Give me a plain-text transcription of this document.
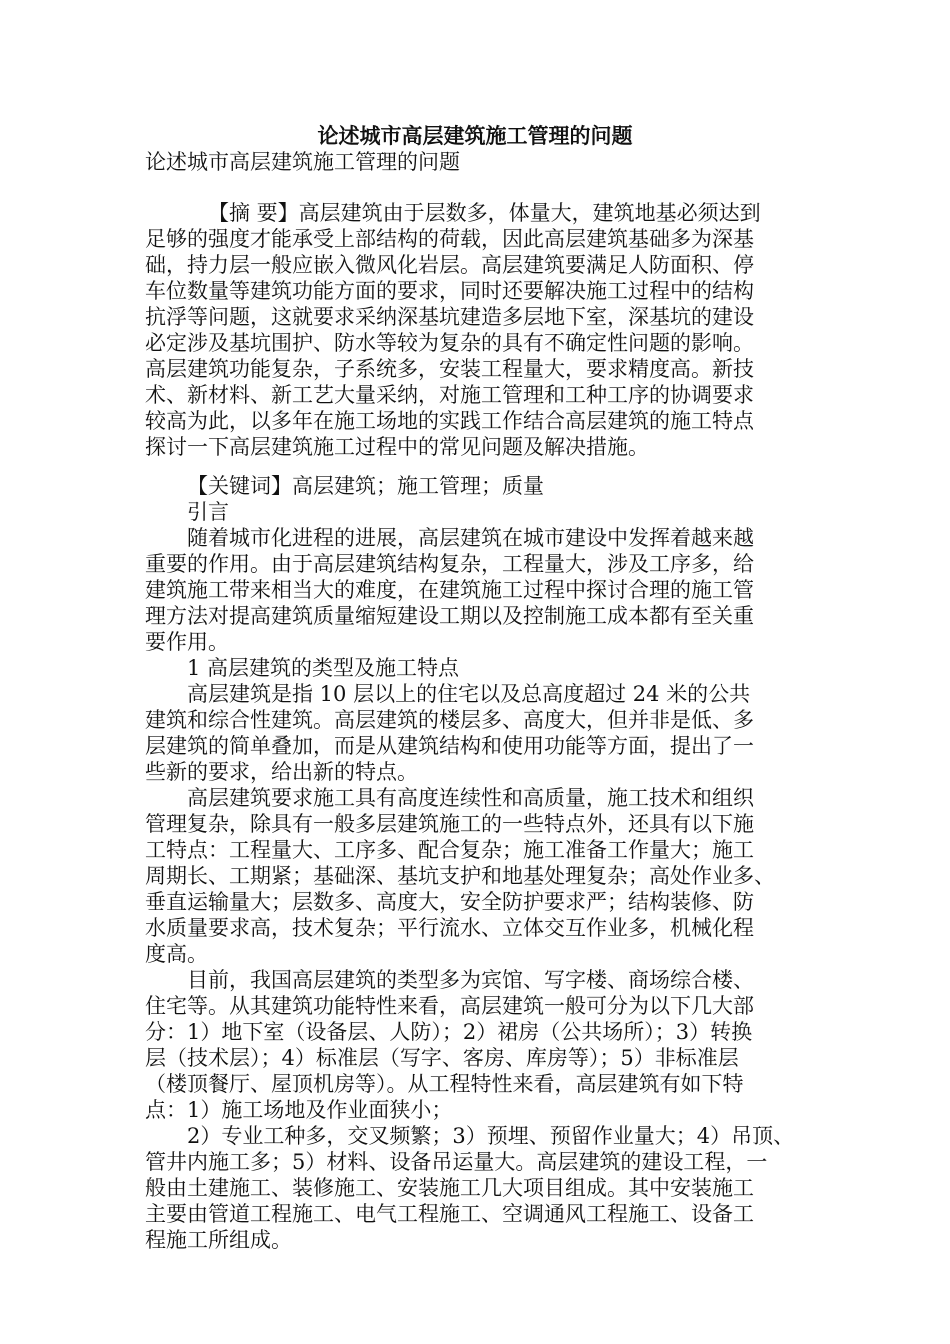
论述城市高层建筑施工管理的问题

论述城市高层建筑施工管理的问题

【摘 要】高层建筑由于层数多，体量大，建筑地基必须达到

足够的强度才能承受上部结构的荷载，因此高层建筑基础多为深基

础，持力层一般应嵌入微风化岩层。高层建筑要满足人防面积、停

车位数量等建筑功能方面的要求，同时还要解决施工过程中的结构

抗浮等问题，这就要求采纳深基坑建造多层地下室，深基坑的建设

必定涉及基坑围护、防水等较为复杂的具有不确定性问题的影响。

高层建筑功能复杂，子系统多，安装工程量大，要求精度高。新技

术、新材料、新工艺大量采纳，对施工管理和工种工序的协调要求

较高为此，以多年在施工场地的实践工作结合高层建筑的施工特点

探讨一下高层建筑施工过程中的常见问题及解决措施。

【关键词】高层建筑；施工管理；质量

引言

随着城市化进程的进展，高层建筑在城市建设中发挥着越来越

重要的作用。由于高层建筑结构复杂，工程量大，涉及工序多，给

建筑施工带来相当大的难度，在建筑施工过程中探讨合理的施工管

理方法对提高建筑质量缩短建设工期以及控制施工成本都有至关重

要作用。

1 高层建筑的类型及施工特点

高层建筑是指 10 层以上的住宅以及总高度超过 24 米的公共

建筑和综合性建筑。高层建筑的楼层多、高度大，但并非是低、多

层建筑的简单叠加，而是从建筑结构和使用功能等方面，提出了一

些新的要求，给出新的特点。

高层建筑要求施工具有高度连续性和高质量，施工技术和组织

管理复杂，除具有一般多层建筑施工的一些特点外，还具有以下施

工特点：工程量大、工序多、配合复杂；施工准备工作量大；施工

周期长、工期紧；基础深、基坑支护和地基处理复杂；高处作业多、

垂直运输量大；层数多、高度大，安全防护要求严；结构装修、防

水质量要求高，技术复杂；平行流水、立体交互作业多，机械化程

度高。

目前，我国高层建筑的类型多为宾馆、写字楼、商场综合楼、

住宅等。从其建筑功能特性来看，高层建筑一般可分为以下几大部

分：1）地下室（设备层、人防）；2）裙房（公共场所）；3）转换

层（技术层）；4）标准层（写字、客房、库房等）；5）非标准层

（楼顶餐厅、屋顶机房等）。从工程特性来看，高层建筑有如下特

点：1）施工场地及作业面狭小；

2）专业工种多，交叉频繁；3）预埋、预留作业量大；4）吊顶、

管井内施工多；5）材料、设备吊运量大。高层建筑的建设工程，一

般由土建施工、装修施工、安装施工几大项目组成。其中安装施工

主要由管道工程施工、电气工程施工、空调通风工程施工、设备工

程施工所组成。
